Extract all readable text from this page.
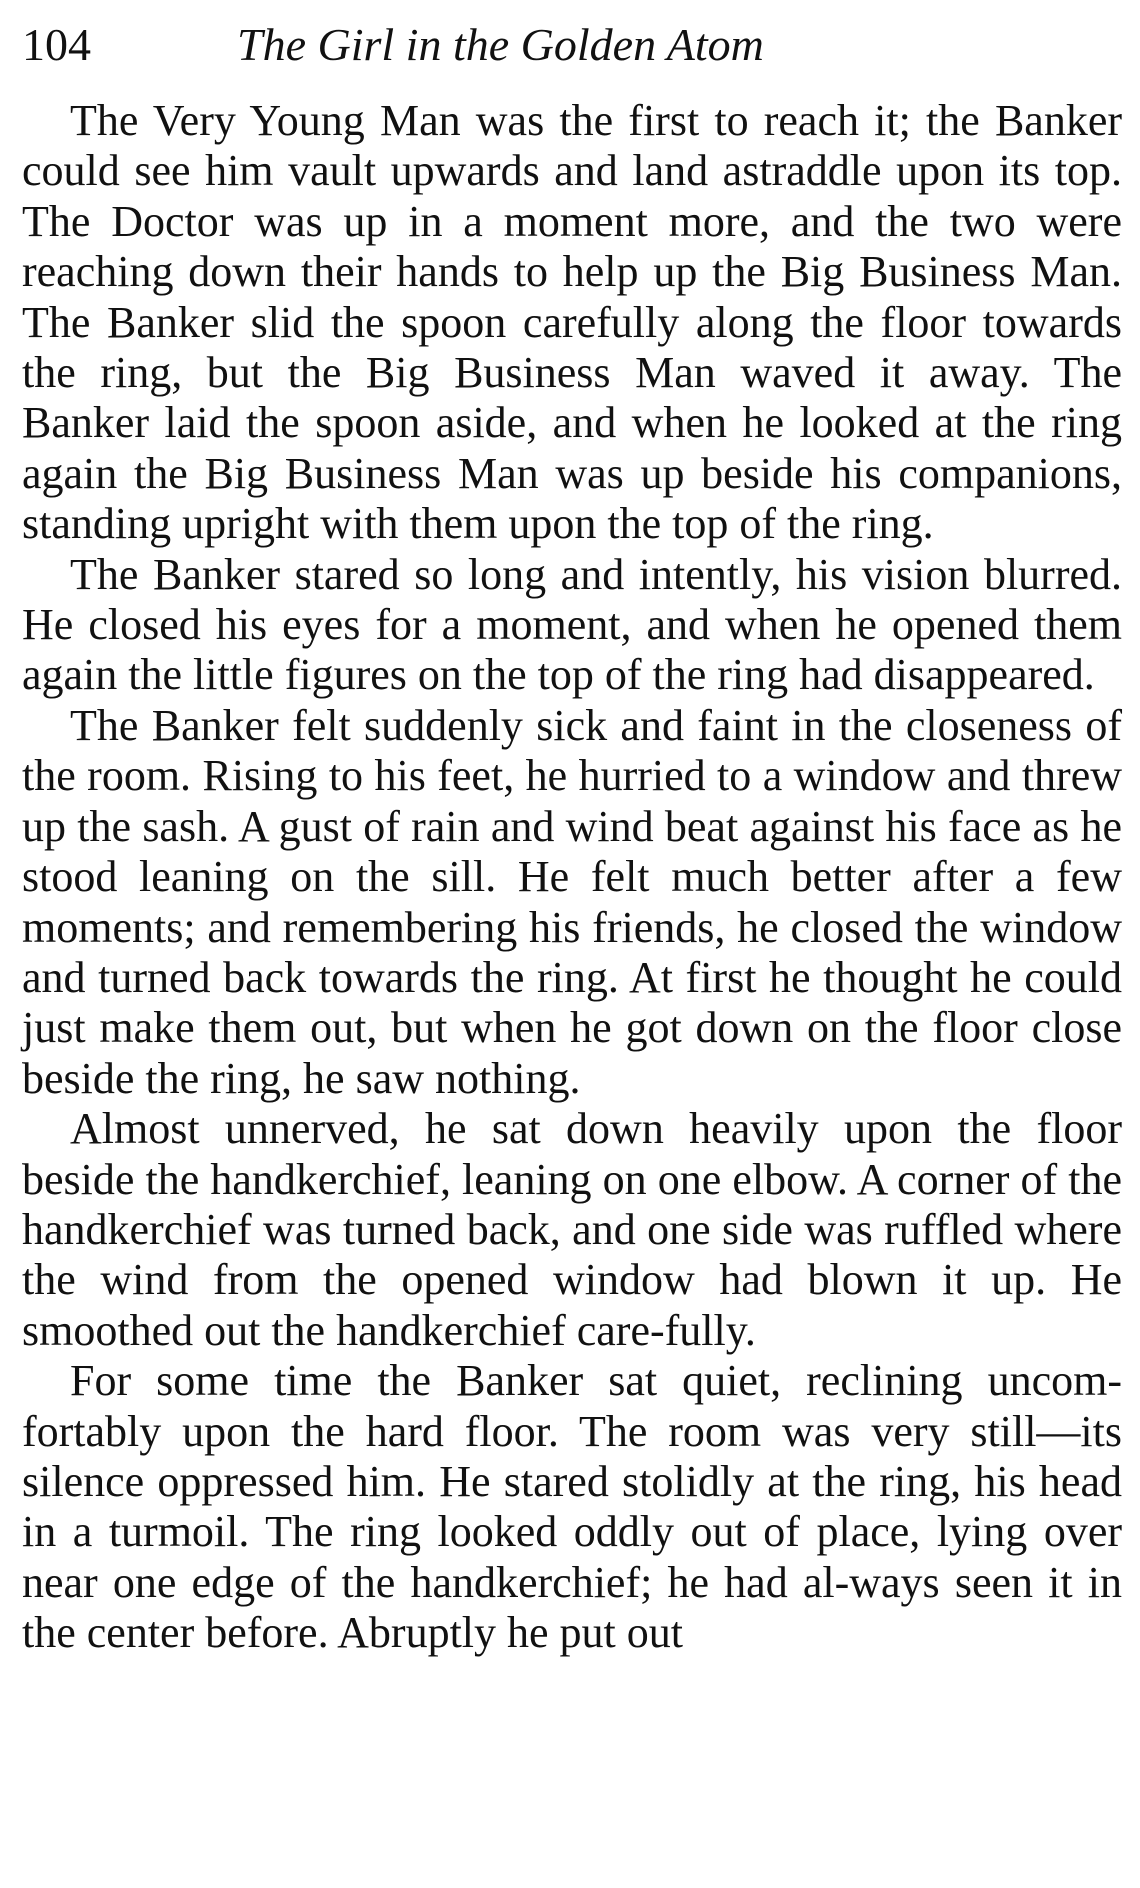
104	The Girl in the Golden Atom

The Very Young Man was the first to reach it; the Banker could see him vault upwards and land astraddle upon its top. The Doctor was up in a moment more, and the two were reaching down their hands to help up the Big Business Man. The Banker slid the spoon carefully along the floor towards the ring, but the Big Business Man waved it away. The Banker laid the spoon aside, and when he looked at the ring again the Big Business Man was up beside his companions, standing upright with them upon the top of the ring.

The Banker stared so long and intently, his vision blurred. He closed his eyes for a moment, and when he opened them again the little figures on the top of the ring had disappeared.

The Banker felt suddenly sick and faint in the closeness of the room. Rising to his feet, he hurried to a window and threw up the sash. A gust of rain and wind beat against his face as he stood leaning on the sill. He felt much better after a few moments; and remembering his friends, he closed the window and turned back towards the ring. At first he thought he could just make them out, but when he got down on the floor close beside the ring, he saw nothing.

Almost unnerved, he sat down heavily upon the floor beside the handkerchief, leaning on one elbow. A corner of the handkerchief was turned back, and one side was ruffled where the wind from the opened window had blown it up. He smoothed out the handkerchief care-fully.

For some time the Banker sat quiet, reclining uncom-fortably upon the hard floor. The room was very still—its silence oppressed him. He stared stolidly at the ring, his head in a turmoil. The ring looked oddly out of place, lying over near one edge of the handkerchief; he had al-ways seen it in the center before. Abruptly he put out
